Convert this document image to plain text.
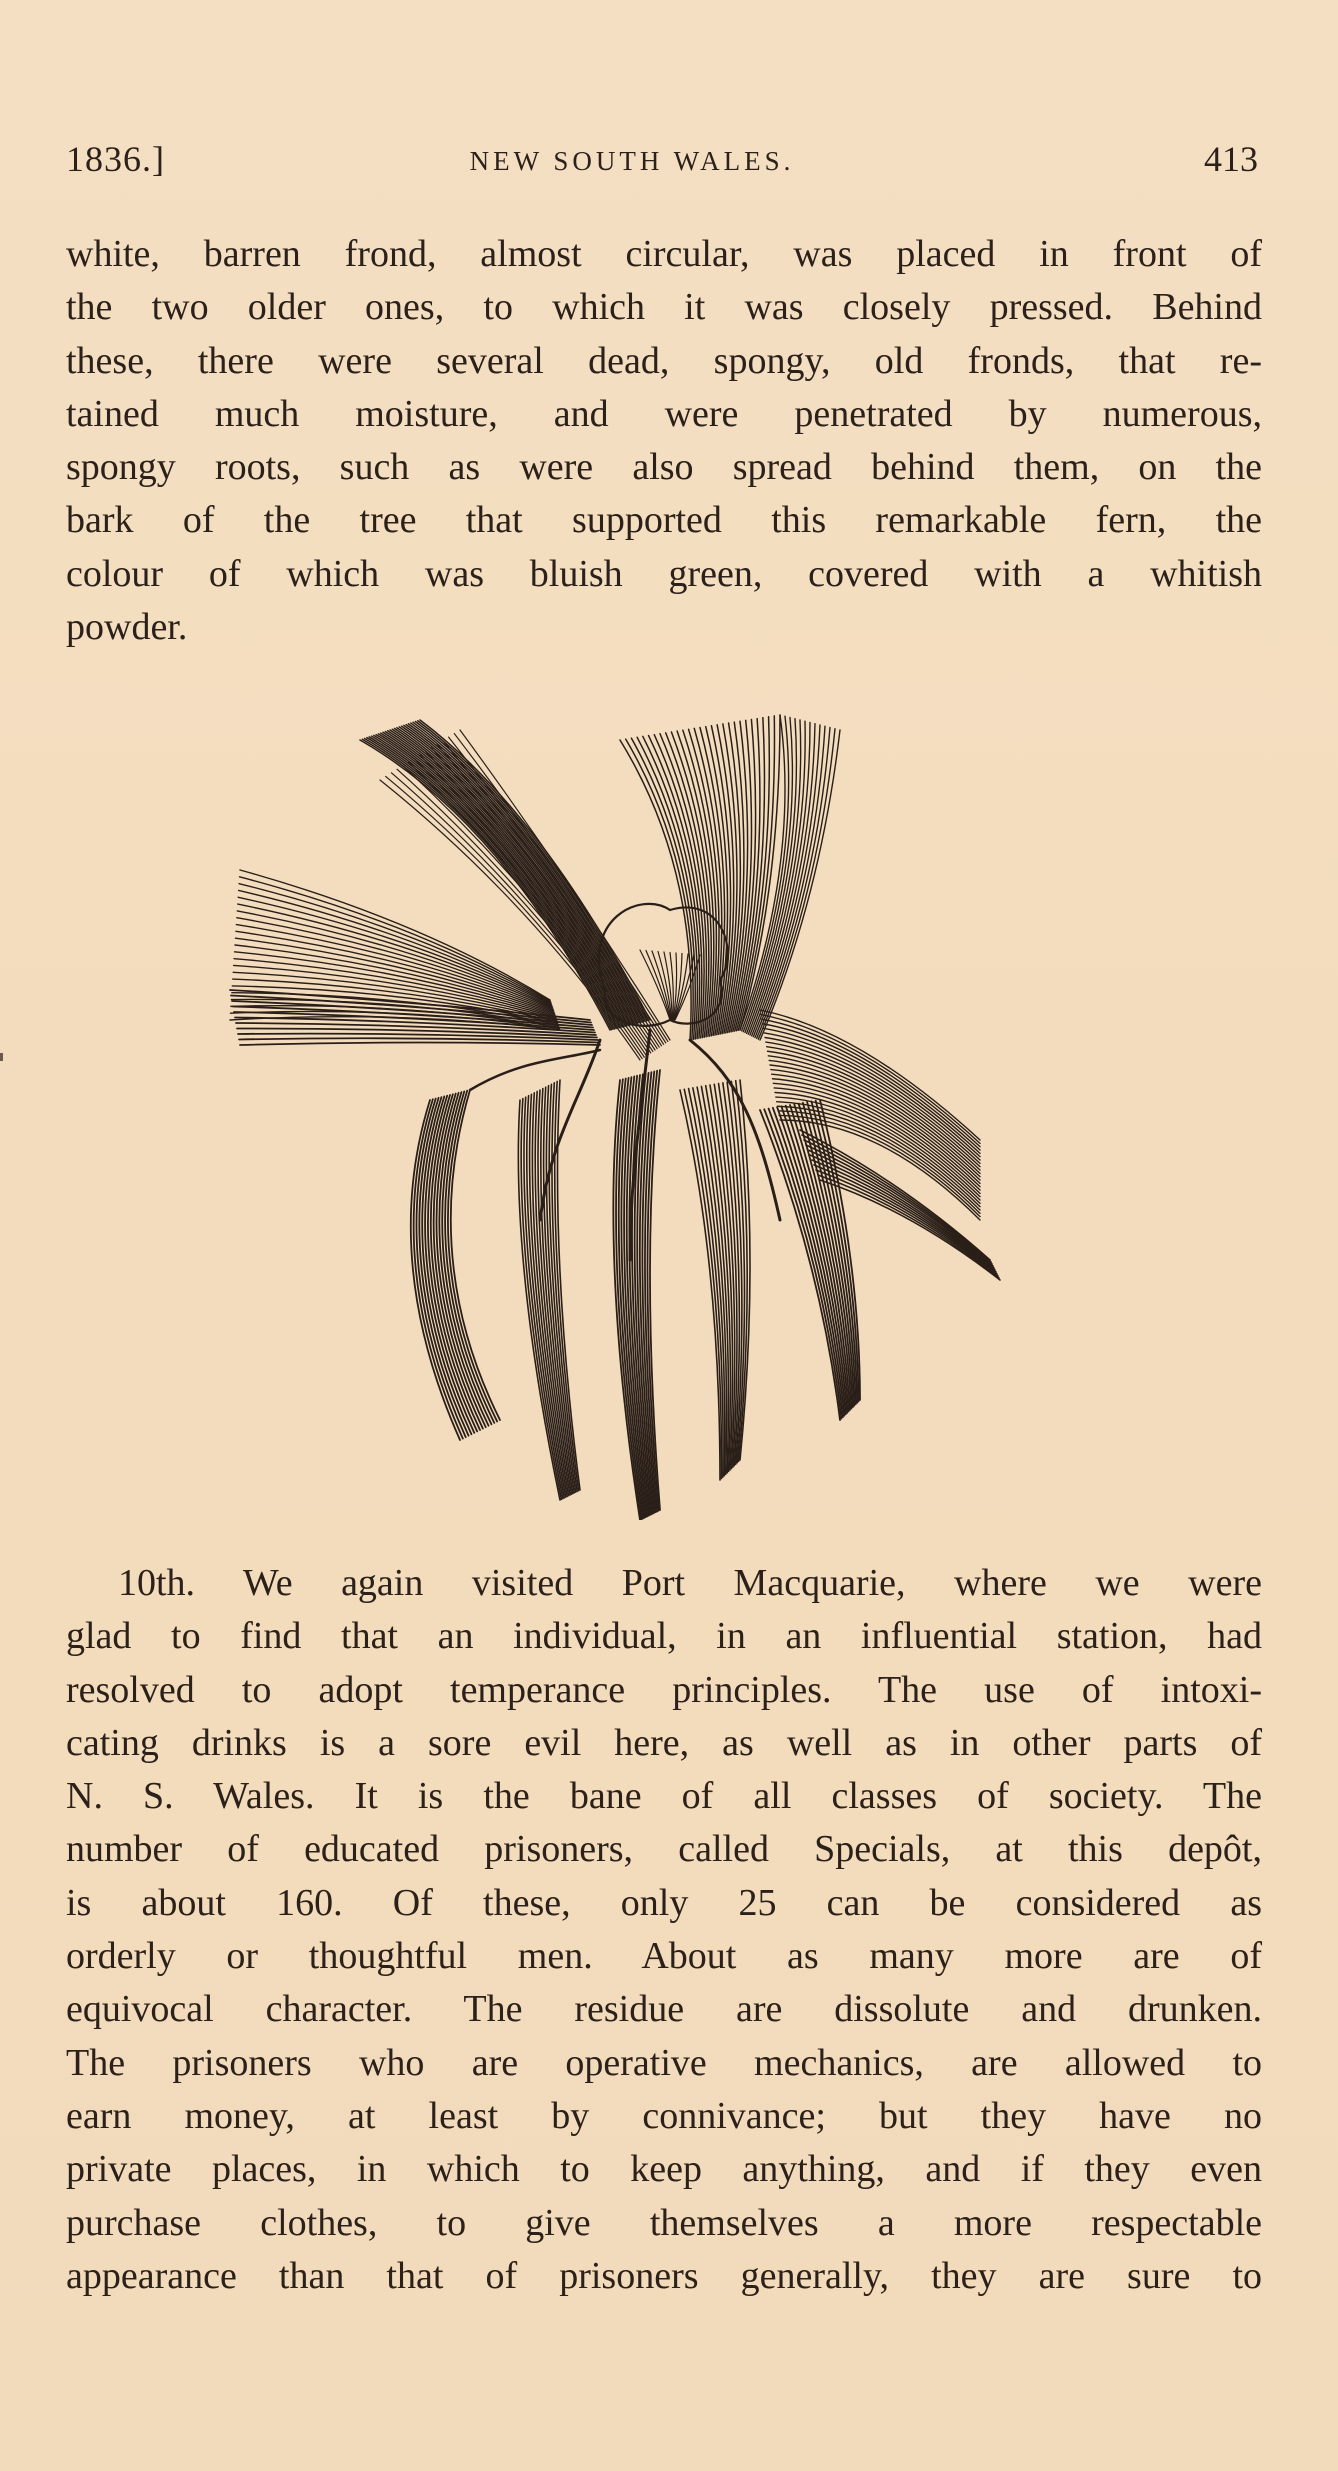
1836.]	NEW SOUTH WALES.	413
white, barren frond, almost circular, was placed in front of
the two older ones, to which it was closely pressed. Behind
these, there were several dead, spongy, old fronds, that re-
tained much moisture, and were penetrated by numerous,
spongy roots, such as were also spread behind them, on the
bark of the tree that supported this remarkable fern, the
colour of which was bluish green, covered with a whitish
powder.
10th. We again visited Port Macquarie, where we were
glad to find that an individual, in an influential station, had
resolved to adopt temperance principles. The use of intoxi-
cating drinks is a sore evil here, as well as in other parts of
N. S. Wales. It is the bane of all classes of society. The
number of educated prisoners, called Specials, at this depôt,
is about 160. Of these, only 25 can be considered as
orderly or thoughtful men. About as many more are of
equivocal character. The residue are dissolute and drunken.
The prisoners who are operative mechanics, are allowed to
earn money, at least by connivance; but they have no
private places, in which to keep anything, and if they even
purchase clothes, to give themselves a more respectable
appearance than that of prisoners generally, they are sure to
